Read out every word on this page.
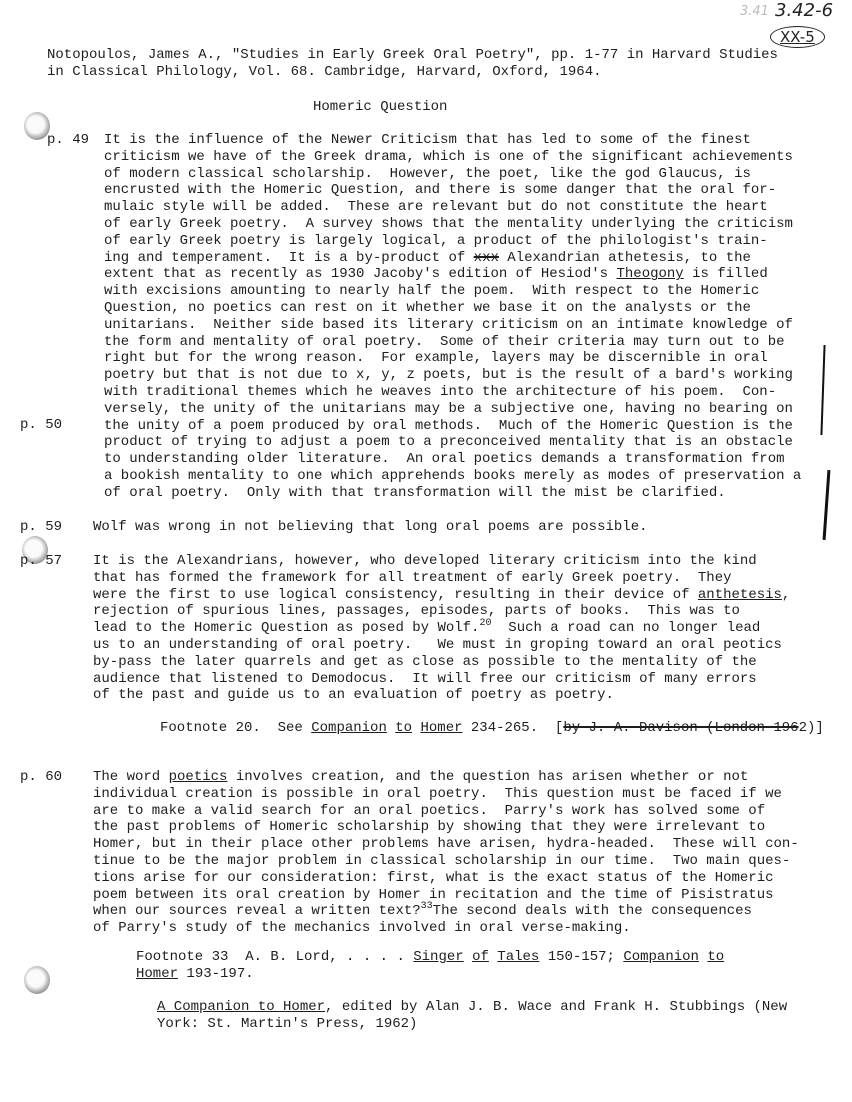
3.41 3.42-6
XX-5
Notopoulos, James A., "Studies in Early Greek Oral Poetry", pp. 1-77 in Harvard Studies
in Classical Philology, Vol. 68. Cambridge, Harvard, Oxford, 1964.
Homeric Question
p. 49 It is the influence of the Newer Criticism that has led to some of the finest
criticism we have of the Greek drama, which is one of the significant achievements
of modern classical scholarship.  However, the poet, like the god Glaucus, is
encrusted with the Homeric Question, and there is some danger that the oral for-
mulaic style will be added.  These are relevant but do not constitute the heart
of early Greek poetry.  A survey shows that the mentality underlying the criticism
of early Greek poetry is largely logical, a product of the philologist's train-
ing and temperament.  It is a by-product of xxx Alexandrian athetesis, to the
extent that as recently as 1930 Jacoby's edition of Hesiod's Theogony is filled
with excisions amounting to nearly half the poem.  With respect to the Homeric
Question, no poetics can rest on it whether we base it on the analysts or the
unitarians.  Neither side based its literary criticism on an intimate knowledge of
the form and mentality of oral poetry.  Some of their criteria may turn out to be
right but for the wrong reason.  For example, layers may be discernible in oral
poetry but that is not due to x, y, z poets, but is the result of a bard's working
with traditional themes which he weaves into the architecture of his poem.  Con-
versely, the unity of the unitarians may be a subjective one, having no bearing on
the unity of a poem produced by oral methods.  Much of the Homeric Question is the
product of trying to adjust a poem to a preconceived mentality that is an obstacle
to understanding older literature.  An oral poetics demands a transformation from
a bookish mentality to one which apprehends books merely as modes of preservation a
of oral poetry.  Only with that transformation will the mist be clarified.
p. 50
p. 59 Wolf was wrong in not believing that long oral poems are possible.
p. 57 It is the Alexandrians, however, who developed literary criticism into the kind
that has formed the framework for all treatment of early Greek poetry.  They
were the first to use logical consistency, resulting in their device of anthetesis,
rejection of spurious lines, passages, episodes, parts of books.  This was to
lead to the Homeric Question as posed by Wolf.$^{20}$  Such a road can no longer lead
us to an understanding of oral poetry.   We must in groping toward an oral peotics
by-pass the later quarrels and get as close as possible to the mentality of the
audience that listened to Demodocus.  It will free our criticism of many errors
of the past and guide us to an evaluation of poetry as poetry.
Footnote 20.  See Companion to Homer 234-265.  [by J. A. Davison (London 1962)]
p. 60 The word poetics involves creation, and the question has arisen whether or not
individual creation is possible in oral poetry.  This question must be faced if we
are to make a valid search for an oral poetics.  Parry's work has solved some of
the past problems of Homeric scholarship by showing that they were irrelevant to
Homer, but in their place other problems have arisen, hydra-headed.  These will con-
tinue to be the major problem in classical scholarship in our time.  Two main ques-
tions arise for our consideration: first, what is the exact status of the Homeric
poem between its oral creation by Homer in recitation and the time of Pisistratus
when our sources reveal a written text?$^{33}$The second deals with the consequences
of Parry's study of the mechanics involved in oral verse-making.
Footnote 33  A. B. Lord, . . . . Singer of Tales 150-157; Companion to
Homer 193-197.
A Companion to Homer, edited by Alan J. B. Wace and Frank H. Stubbings (New
York: St. Martin's Press, 1962)
